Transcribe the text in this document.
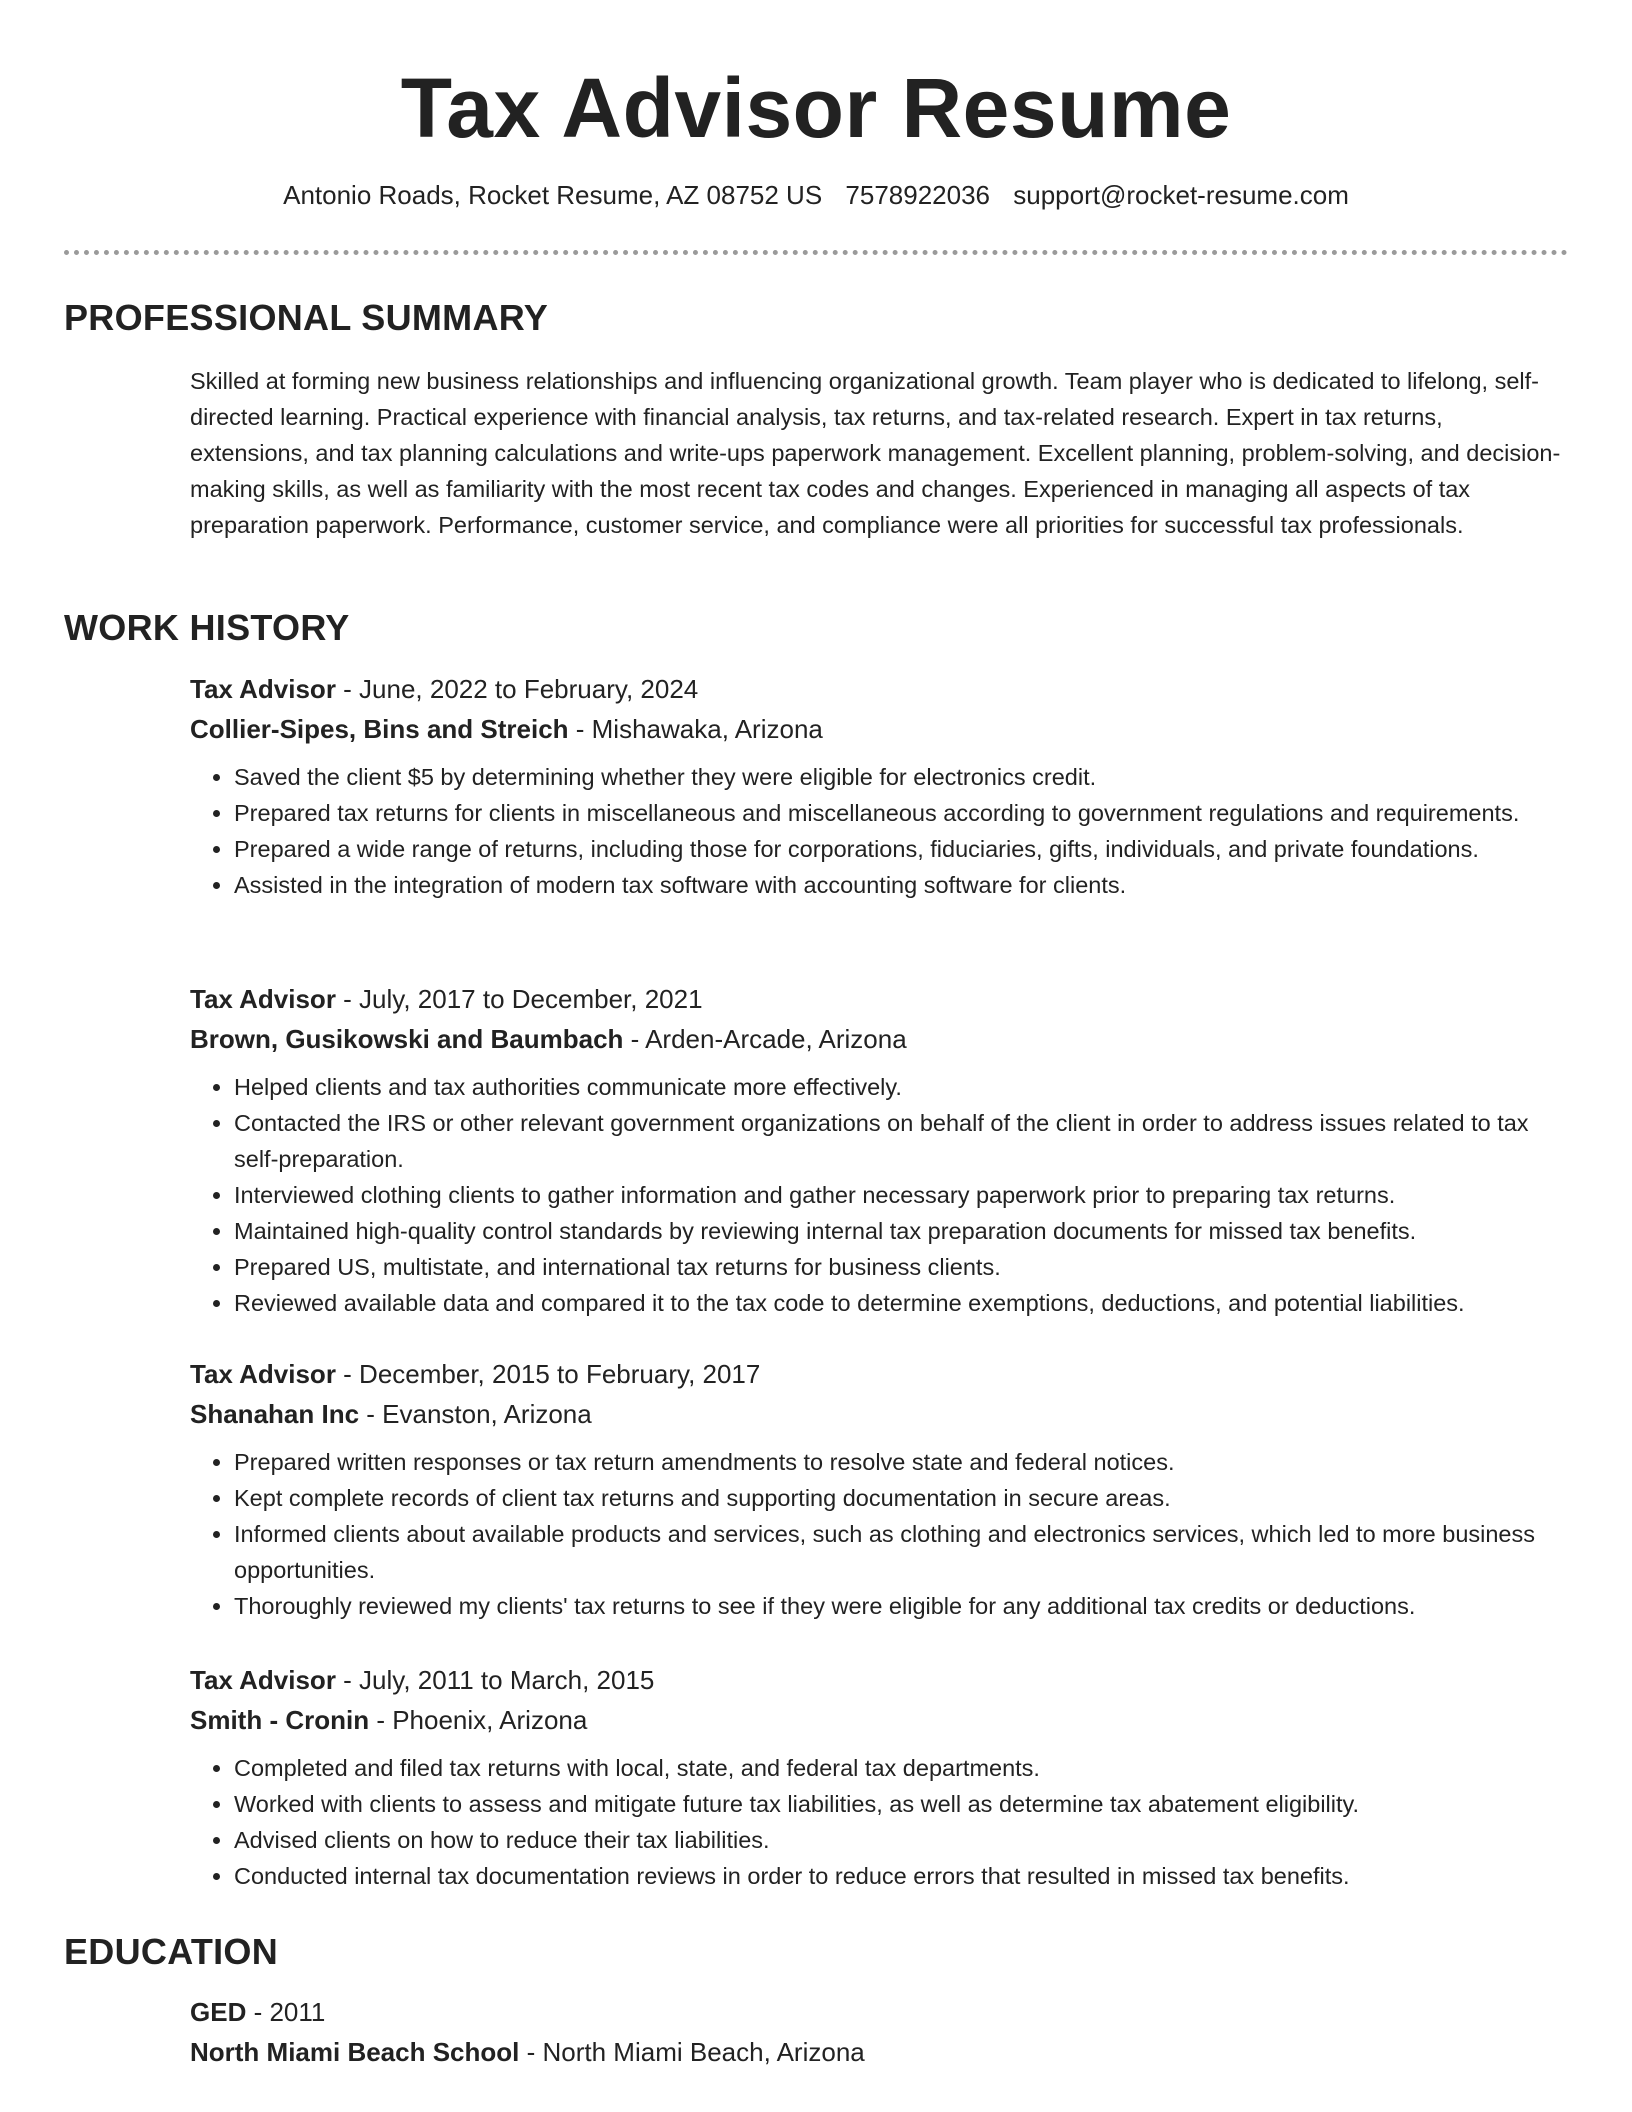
Tax Advisor Resume
Antonio Roads, Rocket Resume, AZ 08752 US 7578922036 support@rocket-resume.com
PROFESSIONAL SUMMARY
Skilled at forming new business relationships and influencing organizational growth. Team player who is dedicated to lifelong, self-directed learning. Practical experience with financial analysis, tax returns, and tax-related research. Expert in tax returns, extensions, and tax planning calculations and write-ups paperwork management. Excellent planning, problem-solving, and decision-making skills, as well as familiarity with the most recent tax codes and changes. Experienced in managing all aspects of tax preparation paperwork. Performance, customer service, and compliance were all priorities for successful tax professionals.
WORK HISTORY
Tax Advisor - June, 2022 to February, 2024
Collier-Sipes, Bins and Streich - Mishawaka, Arizona
• Saved the client $5 by determining whether they were eligible for electronics credit.
• Prepared tax returns for clients in miscellaneous and miscellaneous according to government regulations and requirements.
• Prepared a wide range of returns, including those for corporations, fiduciaries, gifts, individuals, and private foundations.
• Assisted in the integration of modern tax software with accounting software for clients.
Tax Advisor - July, 2017 to December, 2021
Brown, Gusikowski and Baumbach - Arden-Arcade, Arizona
• Helped clients and tax authorities communicate more effectively.
• Contacted the IRS or other relevant government organizations on behalf of the client in order to address issues related to tax self-preparation.
• Interviewed clothing clients to gather information and gather necessary paperwork prior to preparing tax returns.
• Maintained high-quality control standards by reviewing internal tax preparation documents for missed tax benefits.
• Prepared US, multistate, and international tax returns for business clients.
• Reviewed available data and compared it to the tax code to determine exemptions, deductions, and potential liabilities.
Tax Advisor - December, 2015 to February, 2017
Shanahan Inc - Evanston, Arizona
• Prepared written responses or tax return amendments to resolve state and federal notices.
• Kept complete records of client tax returns and supporting documentation in secure areas.
• Informed clients about available products and services, such as clothing and electronics services, which led to more business opportunities.
• Thoroughly reviewed my clients' tax returns to see if they were eligible for any additional tax credits or deductions.
Tax Advisor - July, 2011 to March, 2015
Smith - Cronin - Phoenix, Arizona
• Completed and filed tax returns with local, state, and federal tax departments.
• Worked with clients to assess and mitigate future tax liabilities, as well as determine tax abatement eligibility.
• Advised clients on how to reduce their tax liabilities.
• Conducted internal tax documentation reviews in order to reduce errors that resulted in missed tax benefits.
EDUCATION
GED - 2011
North Miami Beach School - North Miami Beach, Arizona
